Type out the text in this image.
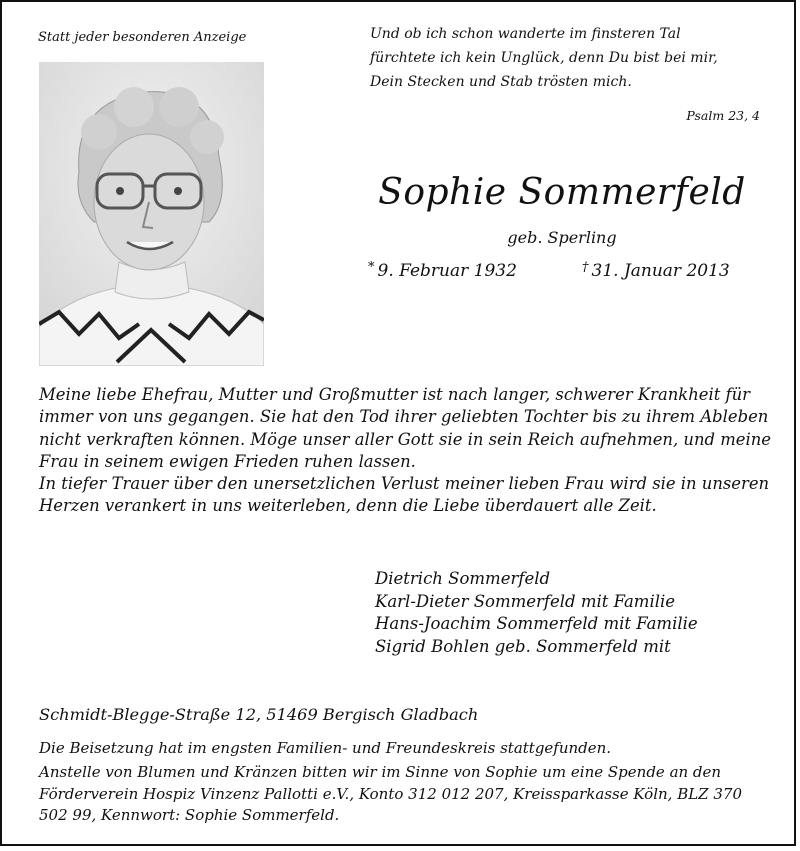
Statt jeder besonderen Anzeige	Und ob ich schon wanderte im finsteren Tal
fürchtete ich kein Unglück, denn Du bist bei mir,
Dein Stecken und Stab trösten mich.
Psalm 23, 4
Sophie Sommerfeld
geb. Sperling
* 9. Februar 1932	† 31. Januar 2013

Meine liebe Ehefrau, Mutter und Großmutter ist nach langer, schwerer Krankheit für immer von uns gegangen. Sie hat den Tod ihrer geliebten Tochter bis zu ihrem Ableben nicht verkraften können. Möge unser aller Gott sie in sein Reich aufnehmen, und meine Frau in seinem ewigen Frieden ruhen lassen.

In tiefer Trauer über den unersetzlichen Verlust meiner lieben Frau wird sie in unseren Herzen verankert in uns weiterleben, denn die Liebe überdauert alle Zeit.

Dietrich Sommerfeld
Karl-Dieter Sommerfeld mit Familie
Hans-Joachim Sommerfeld mit Familie
Sigrid Bohlen geb. Sommerfeld mit
Schmidt-Blegge-Straße 12, 51469 Bergisch Gladbach
Die Beisetzung hat im engsten Familien- und Freundeskreis stattgefunden.
Anstelle von Blumen und Kränzen bitten wir im Sinne von Sophie um eine Spende an den Förderverein Hospiz Vinzenz Pallotti e.V., Konto 312 012 207, Kreissparkasse Köln, BLZ 370 502 99, Kennwort: Sophie Sommerfeld.
